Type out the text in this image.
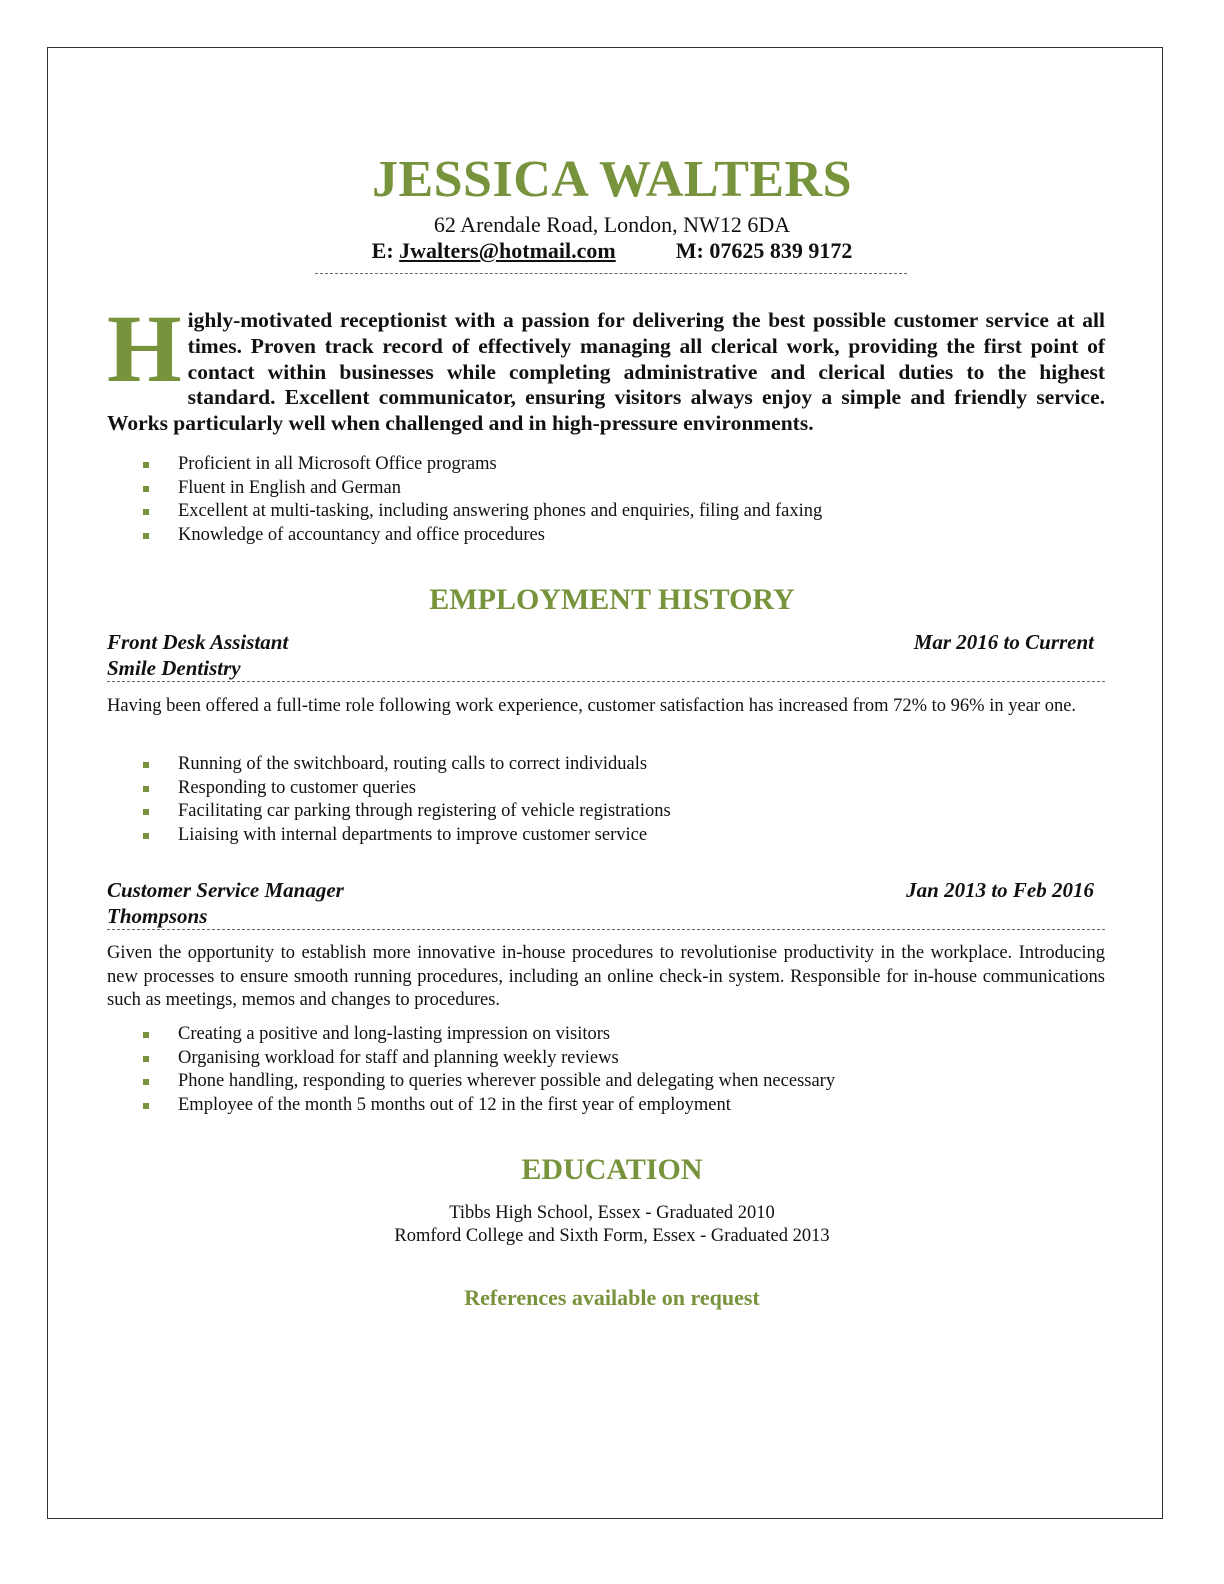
JESSICA WALTERS
62 Arendale Road, London, NW12 6DA
E: Jwalters@hotmail.com	M: 07625 839 9172
Highly-motivated receptionist with a passion for delivering the best possible customer service at all times. Proven track record of effectively managing all clerical work, providing the first point of contact within businesses while completing administrative and clerical duties to the highest standard. Excellent communicator, ensuring visitors always enjoy a simple and friendly service. Works particularly well when challenged and in high-pressure environments.
Proficient in all Microsoft Office programs
Fluent in English and German
Excellent at multi-tasking, including answering phones and enquiries, filing and faxing
Knowledge of accountancy and office procedures
EMPLOYMENT HISTORY
Front Desk Assistant	Mar 2016 to Current
Smile Dentistry
Having been offered a full-time role following work experience, customer satisfaction has increased from 72% to 96% in year one.
Running of the switchboard, routing calls to correct individuals
Responding to customer queries
Facilitating car parking through registering of vehicle registrations
Liaising with internal departments to improve customer service
Customer Service Manager	Jan 2013 to Feb 2016
Thompsons
Given the opportunity to establish more innovative in-house procedures to revolutionise productivity in the workplace. Introducing new processes to ensure smooth running procedures, including an online check-in system. Responsible for in-house communications such as meetings, memos and changes to procedures.
Creating a positive and long-lasting impression on visitors
Organising workload for staff and planning weekly reviews
Phone handling, responding to queries wherever possible and delegating when necessary
Employee of the month 5 months out of 12 in the first year of employment
EDUCATION
Tibbs High School, Essex - Graduated 2010
Romford College and Sixth Form, Essex - Graduated 2013
References available on request
